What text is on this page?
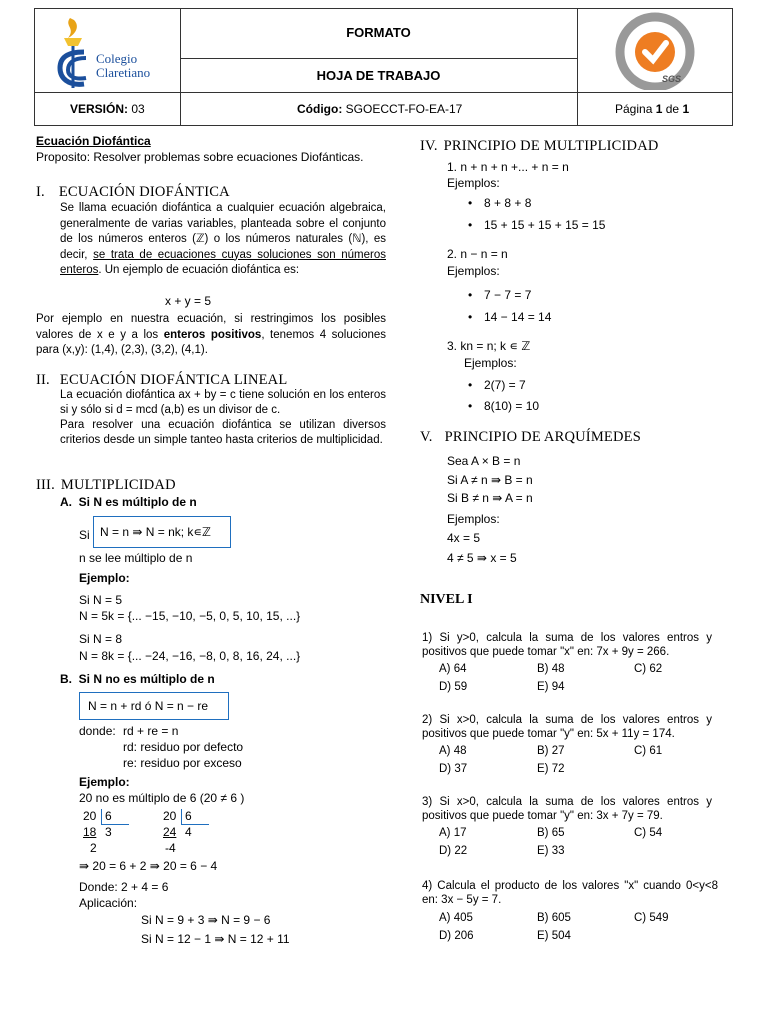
Colegio
Claretiano
FORMATO
HOJA DE TRABAJO	SGS
VERSIÓN: 03	Código: SGOECCT-FO-EA-17	Página 1 de 1
Ecuación Diofántica
Proposito: Resolver problemas sobre ecuaciones Diofánticas.
I. ECUACIÓN DIOFÁNTICA
Se llama ecuación diofántica a cualquier ecuación algebraica, generalmente de varias variables, planteada sobre el conjunto de los números enteros (ℤ) o los números naturales (ℕ), es decir, se trata de ecuaciones cuyas soluciones son números enteros. Un ejemplo de ecuación diofántica es:
x + y = 5
Por ejemplo en nuestra ecuación, si restringimos los posibles valores de x e y a los enteros positivos, tenemos 4 soluciones para (x,y): (1,4), (2,3), (3,2), (4,1).
II. ECUACIÓN DIOFÁNTICA LINEAL
La ecuación diofántica ax + by = c tiene solución en los enteros si y sólo si d = mcd (a,b) es un divisor de c.
Para resolver una ecuación diofántica se utilizan diversos criterios desde un simple tanteo hasta criterios de multiplicidad.
III. MULTIPLICIDAD
A. Si N es múltiplo de n
Si N = n ⇛ N = nk; k∊ℤ
n se lee múltiplo de n
Ejemplo:
Si N = 5
N = 5k = {... −15, −10, −5, 0, 5, 10, 15, ...}
Si N = 8
N = 8k = {... −24, −16, −8, 0, 8, 16, 24, ...}
B. Si N no es múltiplo de n
N = n + rd ó N = n − re
donde: rd + re = n
rd: residuo por defecto
re: residuo por exceso
Ejemplo:
20 no es múltiplo de 6 (20 ≠ 6 )
20 6
18 3
2
20 6
24 4
-4
⇛ 20 = 6 + 2 ⇛ 20 = 6 − 4
Donde: 2 + 4 = 6
Aplicación:
Si N = 9 + 3 ⇛ N = 9 − 6
Si N = 12 − 1 ⇛ N = 12 + 11
IV. PRINCIPIO DE MULTIPLICIDAD
1. n + n + n +... + n = n
Ejemplos:
• 8 + 8 + 8
• 15 + 15 + 15 + 15 = 15
2. n − n = n
Ejemplos:
• 7 − 7 = 7
• 14 − 14 = 14
3. kn = n; k ∊ ℤ
Ejemplos:
• 2(7) = 7
• 8(10) = 10
V. PRINCIPIO DE ARQUÍMEDES
Sea A × B = n
Si A ≠ n ⇛ B = n
Si B ≠ n ⇛ A = n
Ejemplos:
4x = 5
4 ≠ 5 ⇛ x = 5
NIVEL I
1) Si y>0, calcula la suma de los valores entros y positivos que puede tomar "x" en: 7x + 9y = 266.
A) 64	B) 48	C) 62
D) 59	E) 94
2) Si x>0, calcula la suma de los valores entros y positivos que puede tomar "y" en: 5x + 11y = 174.
A) 48	B) 27	C) 61
D) 37	E) 72
3) Si x>0, calcula la suma de los valores entros y positivos que puede tomar "y" en: 3x + 7y = 79.
A) 17	B) 65	C) 54
D) 22	E) 33
4) Calcula el producto de los valores "x" cuando 0<y<8 en: 3x − 5y = 7.
A) 405	B) 605	C) 549
D) 206	E) 504
